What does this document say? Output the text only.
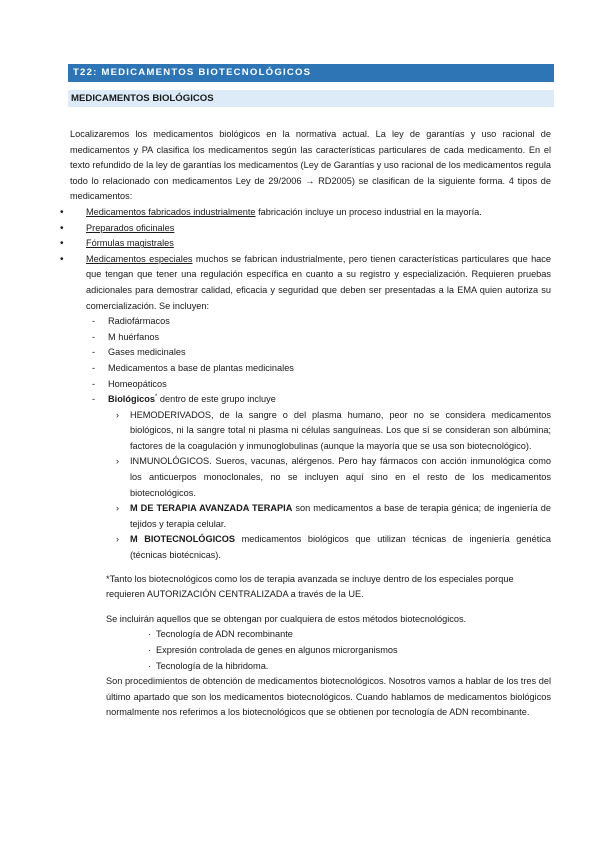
T22: MEDICAMENTOS BIOTECNOLÓGICOS
MEDICAMENTOS BIOLÓGICOS

Localizaremos los medicamentos biológicos en la normativa actual. La ley de garantías y uso racional de medicamentos y PA clasifica los medicamentos según las características particulares de cada medicamento. En el texto refundido de la ley de garantías los medicamentos (Ley de Garantías y uso racional de los medicamentos regula todo lo relacionado con medicamentos Ley de 29/2006 → RD2005) se clasifican de la siguiente forma. 4 tipos de medicamentos:

• Medicamentos fabricados industrialmente fabricación incluye un proceso industrial en la mayoría.
• Preparados oficinales
• Fórmulas magistrales
• Medicamentos especiales muchos se fabrican industrialmente, pero tienen características particulares que hace que tengan que tener una regulación específica en cuanto a su registro y especialización. Requieren pruebas adicionales para demostrar calidad, eficacia y seguridad que deben ser presentadas a la EMA quien autoriza su comercialización. Se incluyen:
- Radiofármacos
- M huérfanos
- Gases medicinales
- Medicamentos a base de plantas medicinales
- Homeopáticos
- Biológicos* dentro de este grupo incluye
› HEMODERIVADOS, de la sangre o del plasma humano, peor no se considera medicamentos biológicos, ni la sangre total ni plasma ni células sanguíneas. Los que sí se consideran son albúmina; factores de la coagulación y inmunoglobulinas (aunque la mayoría que se usa son biotecnológico).
› INMUNOLÓGICOS. Sueros, vacunas, alérgenos. Pero hay fármacos con acción inmunológica como los anticuerpos monoclonales, no se incluyen aquí sino en el resto de los medicamentos biotecnológicos.
› M DE TERAPIA AVANZADA TERAPIA son medicamentos a base de terapia génica; de ingeniería de tejidos y terapia celular.
› M BIOTECNOLÓGICOS medicamentos biológicos que utilizan técnicas de ingeniería genética (técnicas biotécnicas).

*Tanto los biotecnológicos como los de terapia avanzada se incluye dentro de los especiales porque requieren AUTORIZACIÓN CENTRALIZADA a través de la UE.

Se incluirán aquellos que se obtengan por cualquiera de estos métodos biotecnológicos.

· Tecnología de ADN recombinante
· Expresión controlada de genes en algunos microrganismos
· Tecnología de la hibridoma.

Son procedimientos de obtención de medicamentos biotecnológicos. Nosotros vamos a hablar de los tres del último apartado que son los medicamentos biotecnológicos. Cuando hablamos de medicamentos biológicos normalmente nos referimos a los biotecnológicos que se obtienen por tecnología de ADN recombinante.
